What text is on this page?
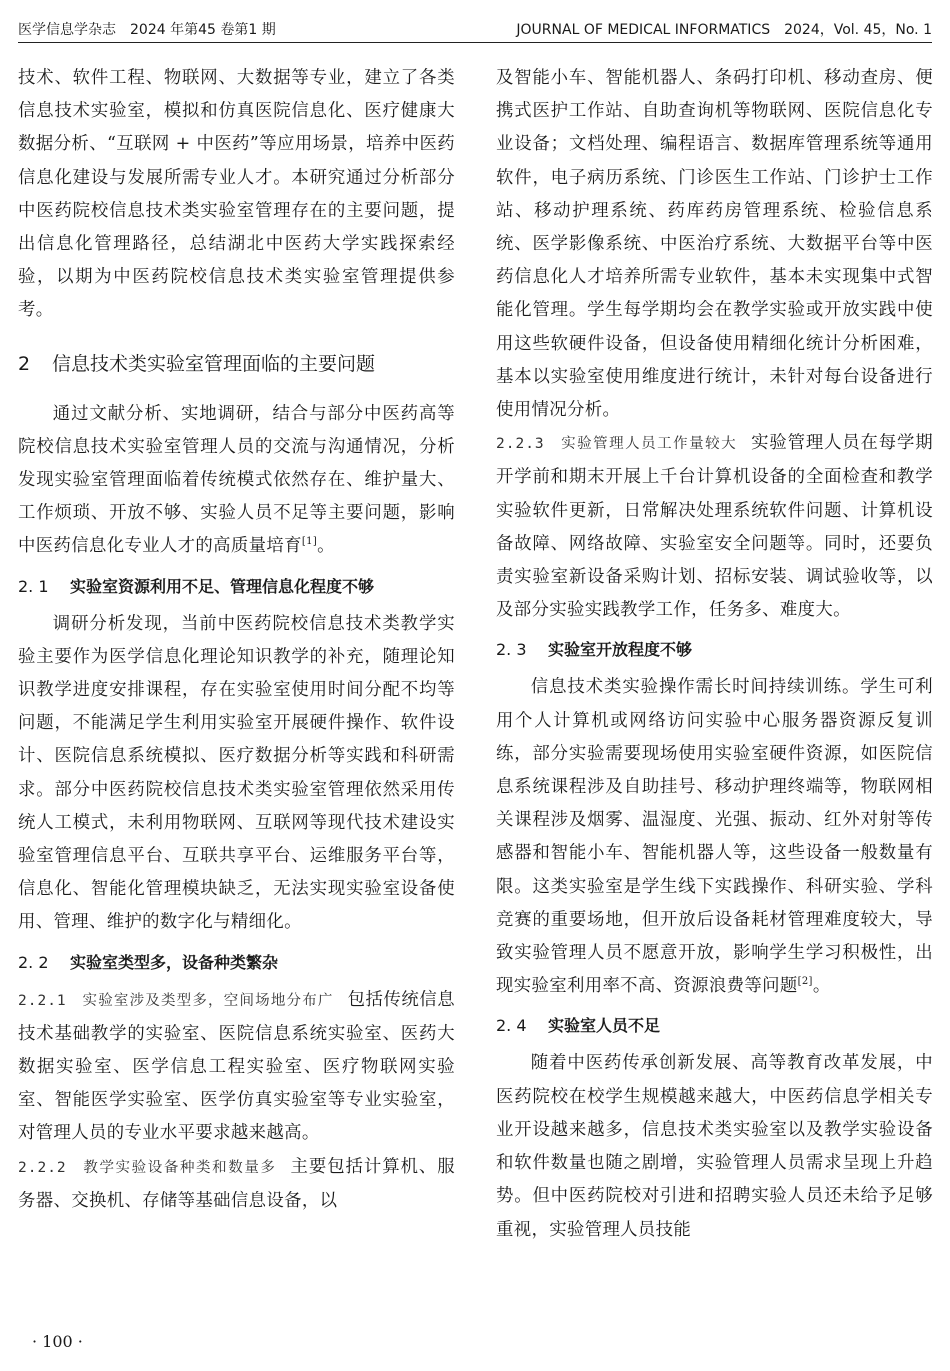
医学信息学杂志　2024 年第45 卷第1 期	JOURNAL OF MEDICAL INFORMATICS　2024，Vol. 45，No. 1

技术、软件工程、物联网、大数据等专业，建立了各类信息技术实验室，模拟和仿真医院信息化、医疗健康大数据分析、“互联网 + 中医药”等应用场景，培养中医药信息化建设与发展所需专业人才。本研究通过分析部分中医药院校信息技术类实验室管理存在的主要问题，提出信息化管理路径，总结湖北中医药大学实践探索经验，以期为中医药院校信息技术类实验室管理提供参考。

2 信息技术类实验室管理面临的主要问题

通过文献分析、实地调研，结合与部分中医药高等院校信息技术实验室管理人员的交流与沟通情况，分析发现实验室管理面临着传统模式依然存在、维护量大、工作烦琐、开放不够、实验人员不足等主要问题，影响中医药信息化专业人才的高质量培育[1]。

2. 1 实验室资源利用不足、管理信息化程度不够

调研分析发现，当前中医药院校信息技术类教学实验主要作为医学信息化理论知识教学的补充，随理论知识教学进度安排课程，存在实验室使用时间分配不均等问题，不能满足学生利用实验室开展硬件操作、软件设计、医院信息系统模拟、医疗数据分析等实践和科研需求。部分中医药院校信息技术类实验室管理依然采用传统人工模式，未利用物联网、互联网等现代技术建设实验室管理信息平台、互联共享平台、运维服务平台等，信息化、智能化管理模块缺乏，无法实现实验室设备使用、管理、维护的数字化与精细化。

2. 2 实验室类型多，设备种类繁杂

2.2.1　实验室涉及类型多，空间场地分布广 包括传统信息技术基础教学的实验室、医院信息系统实验室、医药大数据实验室、医学信息工程实验室、医疗物联网实验室、智能医学实验室、医学仿真实验室等专业实验室，对管理人员的专业水平要求越来越高。

2.2.2　教学实验设备种类和数量多 主要包括计算机、服务器、交换机、存储等基础信息设备，以

及智能小车、智能机器人、条码打印机、移动查房、便携式医护工作站、自助查询机等物联网、医院信息化专业设备；文档处理、编程语言、数据库管理系统等通用软件，电子病历系统、门诊医生工作站、门诊护士工作站、移动护理系统、药库药房管理系统、检验信息系统、医学影像系统、中医治疗系统、大数据平台等中医药信息化人才培养所需专业软件，基本未实现集中式智能化管理。学生每学期均会在教学实验或开放实践中使用这些软硬件设备，但设备使用精细化统计分析困难，基本以实验室使用维度进行统计，未针对每台设备进行使用情况分析。

2.2.3　实验管理人员工作量较大 实验管理人员在每学期开学前和期末开展上千台计算机设备的全面检查和教学实验软件更新，日常解决处理系统软件问题、计算机设备故障、网络故障、实验室安全问题等。同时，还要负责实验室新设备采购计划、招标安装、调试验收等，以及部分实验实践教学工作，任务多、难度大。

2. 3 实验室开放程度不够

信息技术类实验操作需长时间持续训练。学生可利用个人计算机或网络访问实验中心服务器资源反复训练，部分实验需要现场使用实验室硬件资源，如医院信息系统课程涉及自助挂号、移动护理终端等，物联网相关课程涉及烟雾、温湿度、光强、振动、红外对射等传感器和智能小车、智能机器人等，这些设备一般数量有限。这类实验室是学生线下实践操作、科研实验、学科竞赛的重要场地，但开放后设备耗材管理难度较大，导致实验管理人员不愿意开放，影响学生学习积极性，出现实验室利用率不高、资源浪费等问题[2]。

2. 4 实验室人员不足

随着中医药传承创新发展、高等教育改革发展，中医药院校在校学生规模越来越大，中医药信息学相关专业开设越来越多，信息技术类实验室以及教学实验设备和软件数量也随之剧增，实验管理人员需求呈现上升趋势。但中医药院校对引进和招聘实验人员还未给予足够重视，实验管理人员技能

· 100 ·
